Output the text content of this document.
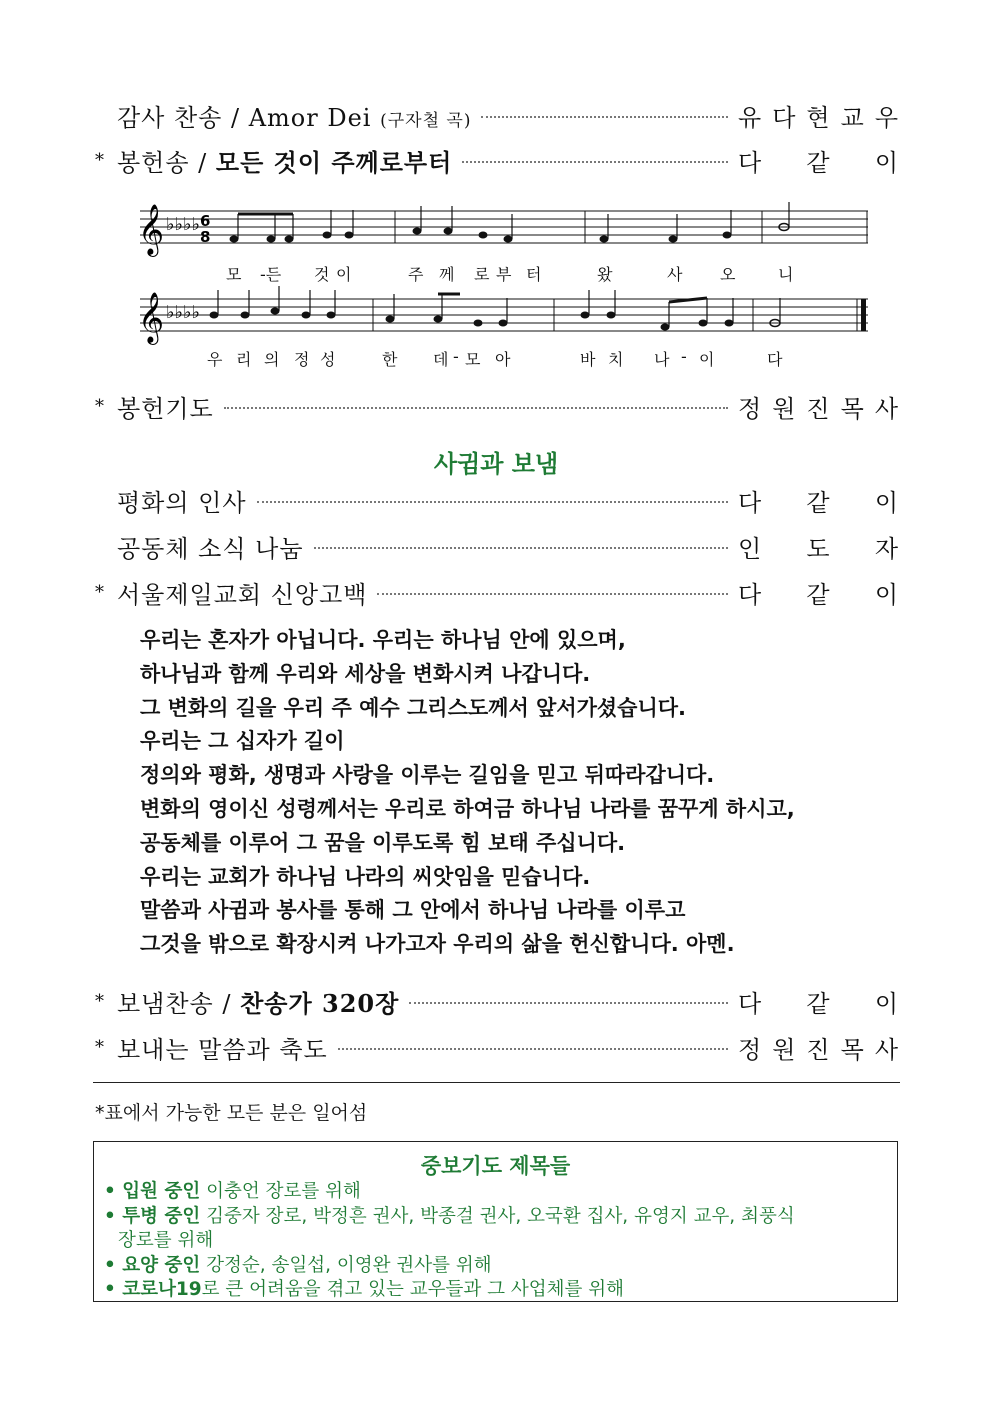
감사 찬송 / Amor Dei (구자철 곡)	유 다 현 교 우
* 봉헌송 / 모든 것이 주께로부터	다 같 이
𝄞
𝄞
♭♭♭♭
♭♭♭♭
6
8
모 -든 것 이	주 께 로 부 터	왔	사 오	니
우 리 의 정 성	한 데 - 모 아	바 치 나 - 이	다
* 봉헌기도	정 원 진 목 사
사귐과 보냄
평화의 인사	다 같 이
공동체 소식 나눔	인 도 자
* 서울제일교회 신앙고백	다 같 이
우리는 혼자가 아닙니다. 우리는 하나님 안에 있으며,
하나님과 함께 우리와 세상을 변화시켜 나갑니다.
그 변화의 길을 우리 주 예수 그리스도께서 앞서가셨습니다.
우리는 그 십자가 길이
정의와 평화, 생명과 사랑을 이루는 길임을 믿고 뒤따라갑니다.
변화의 영이신 성령께서는 우리로 하여금 하나님 나라를 꿈꾸게 하시고,
공동체를 이루어 그 꿈을 이루도록 힘 보태 주십니다.
우리는 교회가 하나님 나라의 씨앗임을 믿습니다.
말씀과 사귐과 봉사를 통해 그 안에서 하나님 나라를 이루고
그것을 밖으로 확장시켜 나가고자 우리의 삶을 헌신합니다. 아멘.
* 보냄찬송 / 찬송가 320장	다 같 이
* 보내는 말씀과 축도	정 원 진 목 사
*표에서 가능한 모든 분은 일어섬
중보기도 제목들
• 입원 중인 이충언 장로를 위해
• 투병 중인 김중자 장로, 박정흔 권사, 박종걸 권사, 오국환 집사, 유영지 교우, 최풍식
장로를 위해
• 요양 중인 강정순, 송일섭, 이영완 권사를 위해
• 코로나19로 큰 어려움을 겪고 있는 교우들과 그 사업체를 위해
